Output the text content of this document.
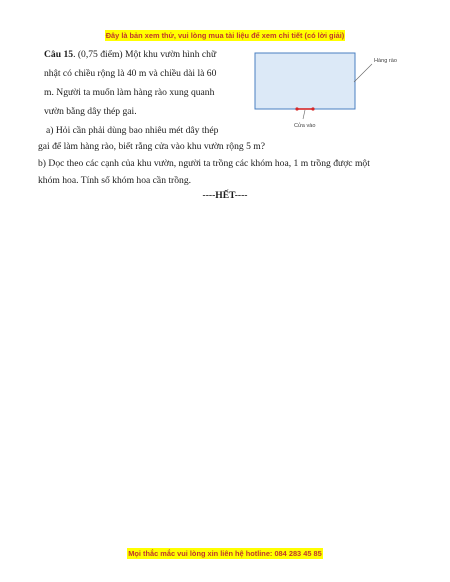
Đây là bản xem thử, vui lòng mua tài liệu để xem chi tiết (có lời giải)
Câu 15. (0,75 điểm) Một khu vườn hình chữ
nhật có chiều rộng là 40 m và chiều dài là 60
m. Người ta muốn làm hàng rào xung quanh
vườn bằng dây thép gai.
a) Hỏi cần phải dùng bao nhiêu mét dây thép
gai để làm hàng rào, biết rằng cửa vào khu vườn rộng 5 m?
b) Dọc theo các cạnh của khu vườn, người ta trồng các khóm hoa, 1 m trồng được một
khóm hoa. Tính số khóm hoa cần trồng.
Hàng rào
Cửa vào
----HẾT----
Mọi thắc mắc vui lòng xin liên hệ hotline: 084 283 45 85
